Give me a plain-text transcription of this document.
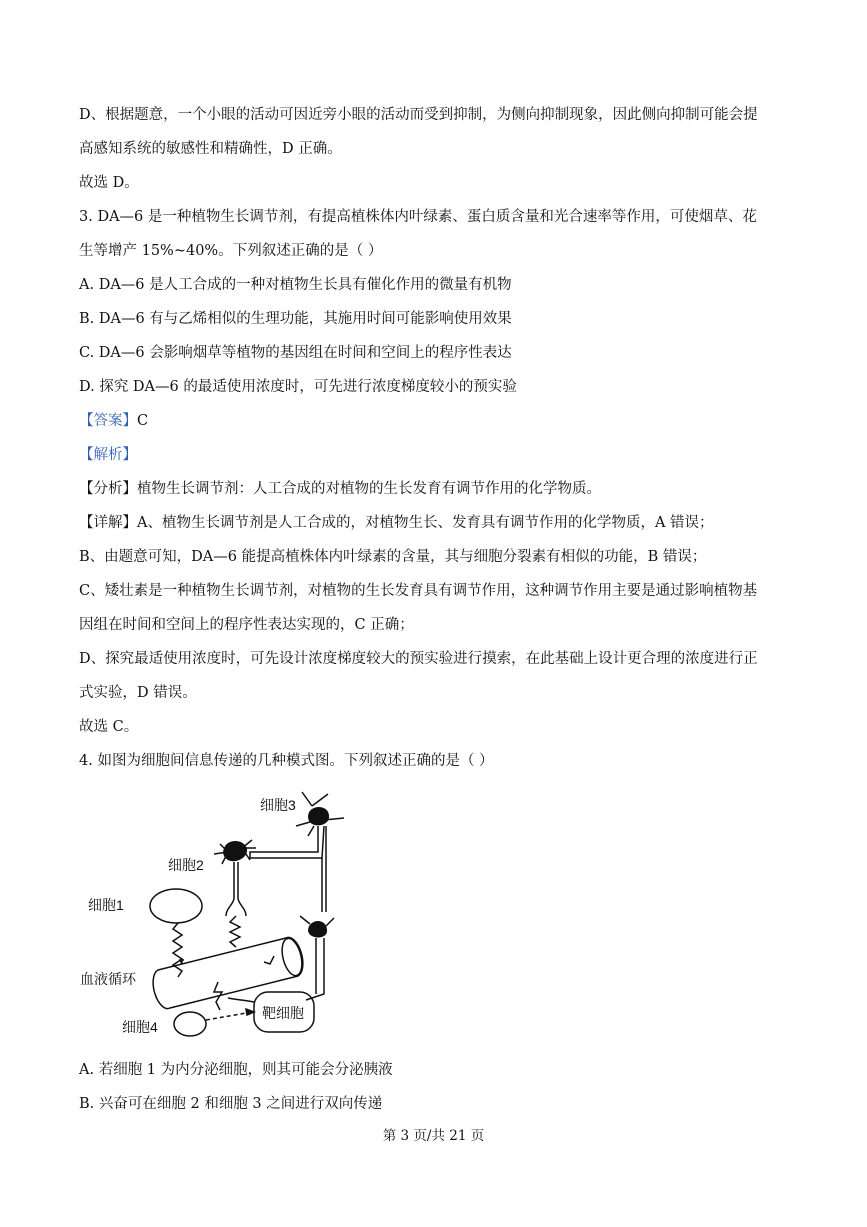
D、根据题意，一个小眼的活动可因近旁小眼的活动而受到抑制，为侧向抑制现象，因此侧向抑制可能会提
高感知系统的敏感性和精确性，D 正确。
故选 D。
3. DA—6 是一种植物生长调节剂，有提高植株体内叶绿素、蛋白质含量和光合速率等作用，可使烟草、花
生等增产 15%~40%。下列叙述正确的是（ ）
A. DA—6 是人工合成的一种对植物生长具有催化作用的微量有机物
B. DA—6 有与乙烯相似的生理功能，其施用时间可能影响使用效果
C. DA—6 会影响烟草等植物的基因组在时间和空间上的程序性表达
D. 探究 DA—6 的最适使用浓度时，可先进行浓度梯度较小的预实验
【答案】C
【解析】
【分析】植物生长调节剂：人工合成的对植物的生长发育有调节作用的化学物质。
【详解】A、植物生长调节剂是人工合成的，对植物生长、发育具有调节作用的化学物质，A 错误；
B、由题意可知，DA—6 能提高植株体内叶绿素的含量，其与细胞分裂素有相似的功能，B 错误；
C、矮壮素是一种植物生长调节剂，对植物的生长发育具有调节作用，这种调节作用主要是通过影响植物基
因组在时间和空间上的程序性表达实现的，C 正确；
D、探究最适使用浓度时，可先设计浓度梯度较大的预实验进行摸索，在此基础上设计更合理的浓度进行正
式实验，D 错误。
故选 C。
4. 如图为细胞间信息传递的几种模式图。下列叙述正确的是（ ）
细胞3
细胞2
细胞1
血液循环
细胞4
靶细胞
A. 若细胞 1 为内分泌细胞，则其可能会分泌胰液
B. 兴奋可在细胞 2 和细胞 3 之间进行双向传递
第 3 页/共 21 页
